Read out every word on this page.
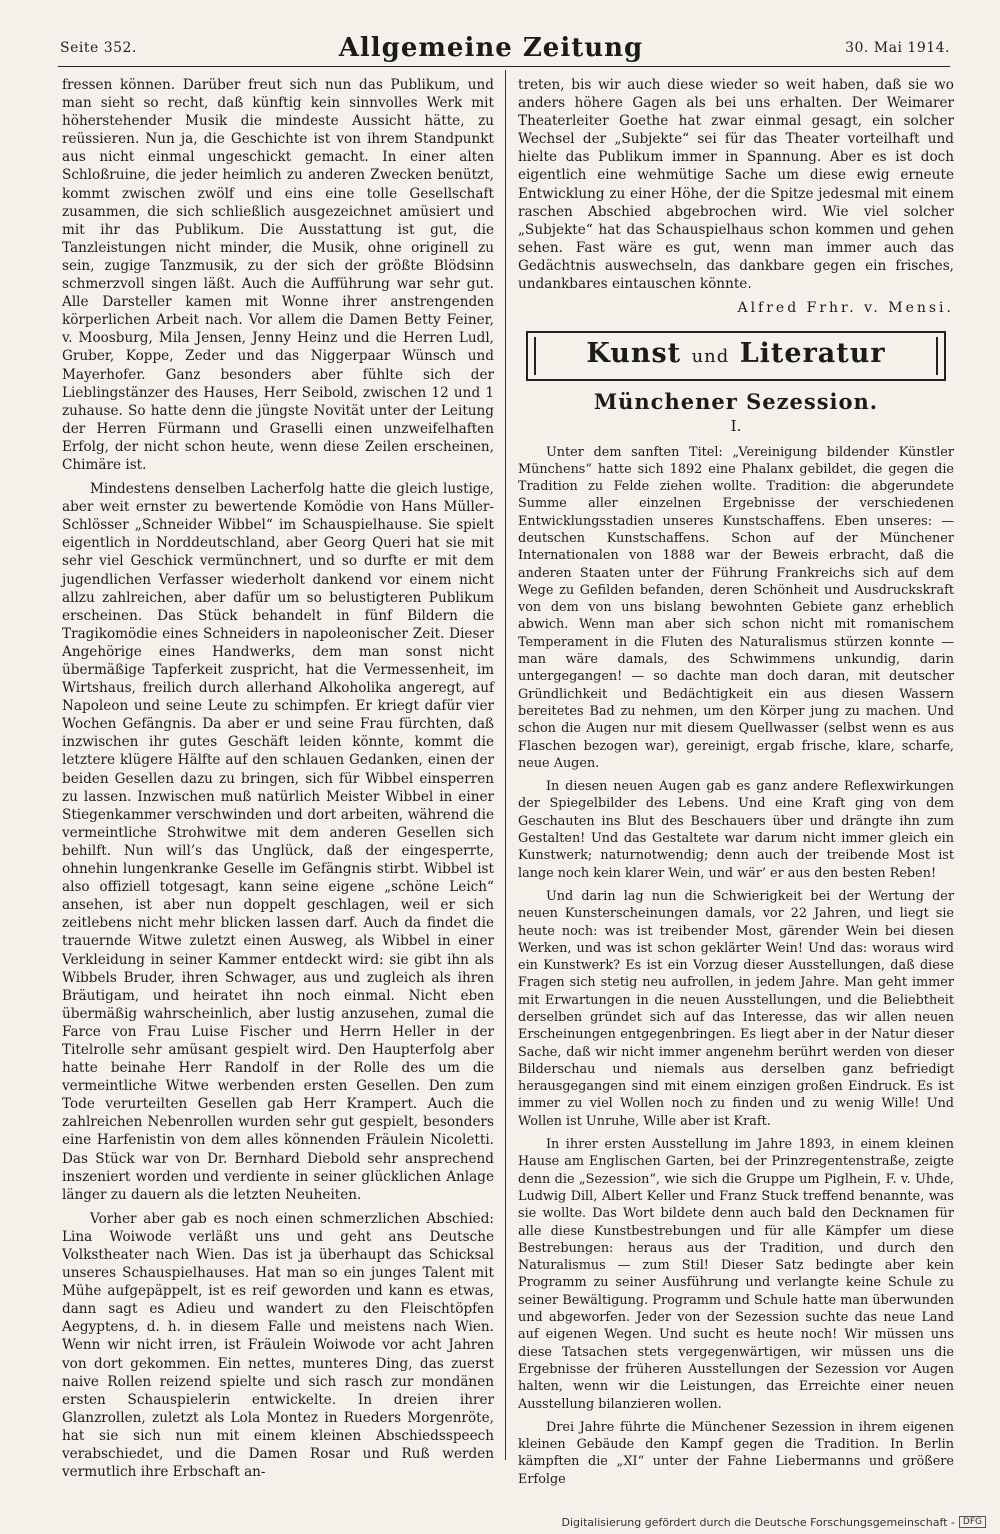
Seite 352.	Allgemeine Zeitung	30. Mai 1914.

fressen können. Darüber freut sich nun das Publikum, und man sieht so recht, daß künftig kein sinnvolles Werk mit höherstehender Musik die mindeste Aussicht hätte, zu reüssieren. Nun ja, die Geschichte ist von ihrem Standpunkt aus nicht einmal ungeschickt gemacht. In einer alten Schloßruine, die jeder heimlich zu anderen Zwecken benützt, kommt zwischen zwölf und eins eine tolle Gesellschaft zusammen, die sich schließlich ausgezeichnet amüsiert und mit ihr das Publikum. Die Ausstattung ist gut, die Tanzleistungen nicht minder, die Musik, ohne originell zu sein, zugige Tanzmusik, zu der sich der größte Blödsinn schmerzvoll singen läßt. Auch die Aufführung war sehr gut. Alle Darsteller kamen mit Wonne ihrer anstrengenden körperlichen Arbeit nach. Vor allem die Damen Betty Feiner, v. Moosburg, Mila Jensen, Jenny Heinz und die Herren Ludl, Gruber, Koppe, Zeder und das Niggerpaar Wünsch und Mayerhofer. Ganz besonders aber fühlte sich der Lieblingstänzer des Hauses, Herr Seibold, zwischen 12 und 1 zuhause. So hatte denn die jüngste Novität unter der Leitung der Herren Fürmann und Graselli einen unzweifelhaften Erfolg, der nicht schon heute, wenn diese Zeilen erscheinen, Chimäre ist.

Mindestens denselben Lacherfolg hatte die gleich lustige, aber weit ernster zu bewertende Komödie von Hans Müller-Schlösser „Schneider Wibbel“ im Schauspielhause. Sie spielt eigentlich in Norddeutschland, aber Georg Queri hat sie mit sehr viel Geschick vermünchnert, und so durfte er mit dem jugendlichen Verfasser wiederholt dankend vor einem nicht allzu zahlreichen, aber dafür um so belustigteren Publikum erscheinen. Das Stück behandelt in fünf Bildern die Tragikomödie eines Schneiders in napoleonischer Zeit. Dieser Angehörige eines Handwerks, dem man sonst nicht übermäßige Tapferkeit zuspricht, hat die Vermessenheit, im Wirtshaus, freilich durch allerhand Alkoholika angeregt, auf Napoleon und seine Leute zu schimpfen. Er kriegt dafür vier Wochen Gefängnis. Da aber er und seine Frau fürchten, daß inzwischen ihr gutes Geschäft leiden könnte, kommt die letztere klügere Hälfte auf den schlauen Gedanken, einen der beiden Gesellen dazu zu bringen, sich für Wibbel einsperren zu lassen. Inzwischen muß natürlich Meister Wibbel in einer Stiegenkammer verschwinden und dort arbeiten, während die vermeintliche Strohwitwe mit dem anderen Gesellen sich behilft. Nun will’s das Unglück, daß der eingesperrte, ohnehin lungenkranke Geselle im Gefängnis stirbt. Wibbel ist also offiziell totgesagt, kann seine eigene „schöne Leich“ ansehen, ist aber nun doppelt geschlagen, weil er sich zeitlebens nicht mehr blicken lassen darf. Auch da findet die trauernde Witwe zuletzt einen Ausweg, als Wibbel in einer Verkleidung in seiner Kammer entdeckt wird: sie gibt ihn als Wibbels Bruder, ihren Schwager, aus und zugleich als ihren Bräutigam, und heiratet ihn noch einmal. Nicht eben übermäßig wahrscheinlich, aber lustig anzusehen, zumal die Farce von Frau Luise Fischer und Herrn Heller in der Titelrolle sehr amüsant gespielt wird. Den Haupterfolg aber hatte beinahe Herr Randolf in der Rolle des um die vermeintliche Witwe werbenden ersten Gesellen. Den zum Tode verurteilten Gesellen gab Herr Krampert. Auch die zahlreichen Nebenrollen wurden sehr gut gespielt, besonders eine Harfenistin von dem alles könnenden Fräulein Nicoletti. Das Stück war von Dr. Bernhard Diebold sehr ansprechend inszeniert worden und verdiente in seiner glücklichen Anlage länger zu dauern als die letzten Neuheiten.

Vorher aber gab es noch einen schmerzlichen Abschied: Lina Woiwode verläßt uns und geht ans Deutsche Volkstheater nach Wien. Das ist ja überhaupt das Schicksal unseres Schauspielhauses. Hat man so ein junges Talent mit Mühe aufgepäppelt, ist es reif geworden und kann es etwas, dann sagt es Adieu und wandert zu den Fleischtöpfen Aegyptens, d. h. in diesem Falle und meistens nach Wien. Wenn wir nicht irren, ist Fräulein Woiwode vor acht Jahren von dort gekommen. Ein nettes, munteres Ding, das zuerst naive Rollen reizend spielte und sich rasch zur mondänen ersten Schauspielerin entwickelte. In dreien ihrer Glanzrollen, zuletzt als Lola Montez in Rueders Morgenröte, hat sie sich nun mit einem kleinen Abschiedsspeech verabschiedet, und die Damen Rosar und Ruß werden vermutlich ihre Erbschaft an-

treten, bis wir auch diese wieder so weit haben, daß sie wo anders höhere Gagen als bei uns erhalten. Der Weimarer Theaterleiter Goethe hat zwar einmal gesagt, ein solcher Wechsel der „Subjekte“ sei für das Theater vorteilhaft und hielte das Publikum immer in Spannung. Aber es ist doch eigentlich eine wehmütige Sache um diese ewig erneute Entwicklung zu einer Höhe, der die Spitze jedesmal mit einem raschen Abschied abgebrochen wird. Wie viel solcher „Subjekte“ hat das Schauspielhaus schon kommen und gehen sehen. Fast wäre es gut, wenn man immer auch das Gedächtnis auswechseln, das dankbare gegen ein frisches, undankbares eintauschen könnte.

Alfred Frhr. v. Mensi.
Kunst und Literatur
Münchener Sezession.
I.

Unter dem sanften Titel: „Vereinigung bildender Künstler Münchens“ hatte sich 1892 eine Phalanx gebildet, die gegen die Tradition zu Felde ziehen wollte. Tradition: die abgerundete Summe aller einzelnen Ergebnisse der verschiedenen Entwicklungsstadien unseres Kunstschaffens. Eben unseres: — deutschen Kunstschaffens. Schon auf der Münchener Internationalen von 1888 war der Beweis erbracht, daß die anderen Staaten unter der Führung Frankreichs sich auf dem Wege zu Gefilden befanden, deren Schönheit und Ausdruckskraft von dem von uns bislang bewohnten Gebiete ganz erheblich abwich. Wenn man aber sich schon nicht mit romanischem Temperament in die Fluten des Naturalismus stürzen konnte — man wäre damals, des Schwimmens unkundig, darin untergegangen! — so dachte man doch daran, mit deutscher Gründlichkeit und Bedächtigkeit ein aus diesen Wassern bereitetes Bad zu nehmen, um den Körper jung zu machen. Und schon die Augen nur mit diesem Quellwasser (selbst wenn es aus Flaschen bezogen war), gereinigt, ergab frische, klare, scharfe, neue Augen.

In diesen neuen Augen gab es ganz andere Reflexwirkungen der Spiegelbilder des Lebens. Und eine Kraft ging von dem Geschauten ins Blut des Beschauers über und drängte ihn zum Gestalten! Und das Gestaltete war darum nicht immer gleich ein Kunstwerk; naturnotwendig; denn auch der treibende Most ist lange noch kein klarer Wein, und wär’ er aus den besten Reben!

Und darin lag nun die Schwierigkeit bei der Wertung der neuen Kunsterscheinungen damals, vor 22 Jahren, und liegt sie heute noch: was ist treibender Most, gärender Wein bei diesen Werken, und was ist schon geklärter Wein! Und das: woraus wird ein Kunstwerk? Es ist ein Vorzug dieser Ausstellungen, daß diese Fragen sich stetig neu aufrollen, in jedem Jahre. Man geht immer mit Erwartungen in die neuen Ausstellungen, und die Beliebtheit derselben gründet sich auf das Interesse, das wir allen neuen Erscheinungen entgegenbringen. Es liegt aber in der Natur dieser Sache, daß wir nicht immer angenehm berührt werden von dieser Bilderschau und niemals aus derselben ganz befriedigt herausgegangen sind mit einem einzigen großen Eindruck. Es ist immer zu viel Wollen noch zu finden und zu wenig Wille! Und Wollen ist Unruhe, Wille aber ist Kraft.

In ihrer ersten Ausstellung im Jahre 1893, in einem kleinen Hause am Englischen Garten, bei der Prinzregentenstraße, zeigte denn die „Sezession“, wie sich die Gruppe um Piglhein, F. v. Uhde, Ludwig Dill, Albert Keller und Franz Stuck treffend benannte, was sie wollte. Das Wort bildete denn auch bald den Decknamen für alle diese Kunstbestrebungen und für alle Kämpfer um diese Bestrebungen: heraus aus der Tradition, und durch den Naturalismus — zum Stil! Dieser Satz bedingte aber kein Programm zu seiner Ausführung und verlangte keine Schule zu seiner Bewältigung. Programm und Schule hatte man überwunden und abgeworfen. Jeder von der Sezession suchte das neue Land auf eigenen Wegen. Und sucht es heute noch! Wir müssen uns diese Tatsachen stets vergegenwärtigen, wir müssen uns die Ergebnisse der früheren Ausstellungen der Sezession vor Augen halten, wenn wir die Leistungen, das Erreichte einer neuen Ausstellung bilanzieren wollen.

Drei Jahre führte die Münchener Sezession in ihrem eigenen kleinen Gebäude den Kampf gegen die Tradition. In Berlin kämpften die „XI“ unter der Fahne Liebermanns und größere Erfolge

Digitalisierung gefördert durch die Deutsche Forschungsgemeinschaft - DFG
